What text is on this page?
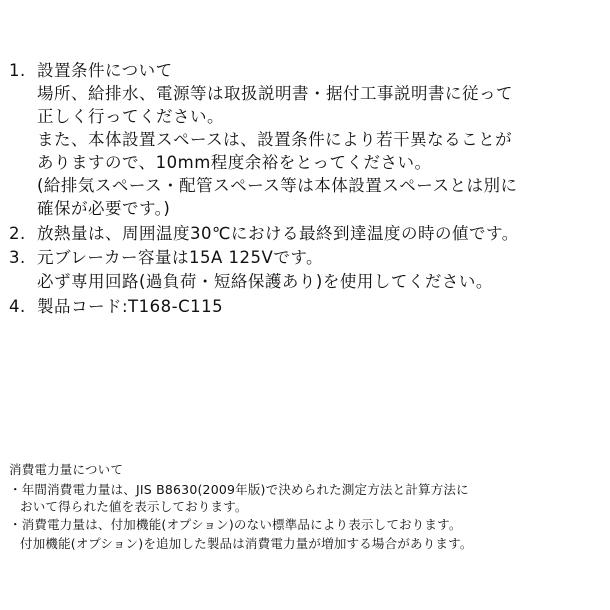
1. 設置条件について
場所、給排水、電源等は取扱説明書・据付工事説明書に従って
正しく行ってください。
また、本体設置スペースは、設置条件により若干異なることが
ありますので、10mm程度余裕をとってください。
(給排気スペース・配管スペース等は本体設置スペースとは別に
確保が必要です。)
2. 放熱量は、周囲温度30℃における最終到達温度の時の値です。
3. 元ブレーカー容量は15A 125Vです。
必ず専用回路(過負荷・短絡保護あり)を使用してください。
4. 製品コード:T168-C115
消費電力量について
・年間消費電力量は、JIS B8630(2009年版)で決められた測定方法と計算方法に
おいて得られた値を表示しております。
・消費電力量は、付加機能(オプション)のない標準品により表示しております。
付加機能(オプション)を追加した製品は消費電力量が増加する場合があります。
